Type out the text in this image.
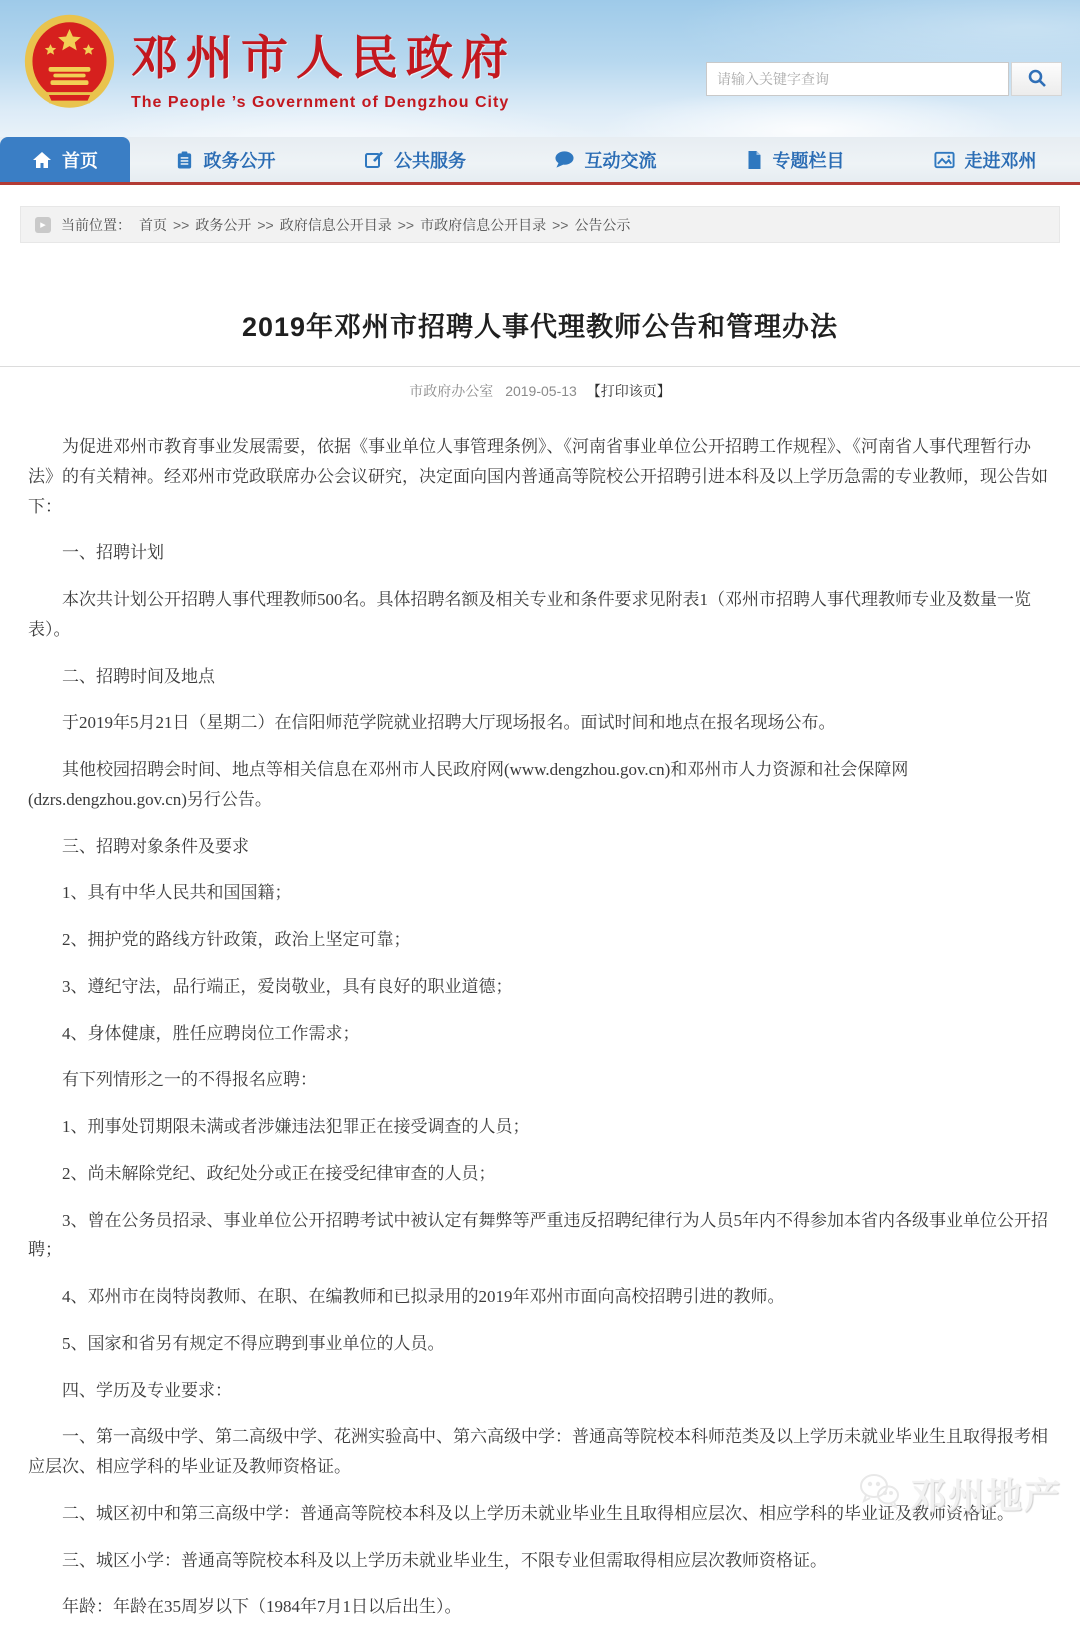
邓州市人民政府
The People ’s Government of Dengzhou City
请输入关键字查询
首页	政务公开	公共服务	互动交流	专题栏目	走进邓州
▸	当前位置： 首页 >> 政务公开 >> 政府信息公开目录 >> 市政府信息公开目录 >> 公告公示
2019年邓州市招聘人事代理教师公告和管理办法
市政府办公室 2019-05-13 【打印该页】

为促进邓州市教育事业发展需要，依据《事业单位人事管理条例》、《河南省事业单位公开招聘工作规程》、《河南省人事代理暂行办法》的有关精神。经邓州市党政联席办公会议研究，决定面向国内普通高等院校公开招聘引进本科及以上学历急需的专业教师，现公告如下：

一、招聘计划

本次共计划公开招聘人事代理教师500名。具体招聘名额及相关专业和条件要求见附表1（邓州市招聘人事代理教师专业及数量一览表）。

二、招聘时间及地点

于2019年5月21日（星期二）在信阳师范学院就业招聘大厅现场报名。面试时间和地点在报名现场公布。

其他校园招聘会时间、地点等相关信息在邓州市人民政府网(www.dengzhou.gov.cn)和邓州市人力资源和社会保障网(dzrs.dengzhou.gov.cn)另行公告。

三、招聘对象条件及要求

1、具有中华人民共和国国籍；

2、拥护党的路线方针政策，政治上坚定可靠；

3、遵纪守法，品行端正，爱岗敬业，具有良好的职业道德；

4、身体健康，胜任应聘岗位工作需求；

有下列情形之一的不得报名应聘：

1、刑事处罚期限未满或者涉嫌违法犯罪正在接受调查的人员；

2、尚未解除党纪、政纪处分或正在接受纪律审查的人员；

3、曾在公务员招录、事业单位公开招聘考试中被认定有舞弊等严重违反招聘纪律行为人员5年内不得参加本省内各级事业单位公开招聘；

4、邓州市在岗特岗教师、在职、在编教师和已拟录用的2019年邓州市面向高校招聘引进的教师。

5、国家和省另有规定不得应聘到事业单位的人员。

四、学历及专业要求：

一、第一高级中学、第二高级中学、花洲实验高中、第六高级中学：普通高等院校本科师范类及以上学历未就业毕业生且取得报考相应层次、相应学科的毕业证及教师资格证。

二、城区初中和第三高级中学：普通高等院校本科及以上学历未就业毕业生且取得相应层次、相应学科的毕业证及教师资格证。

三、城区小学：普通高等院校本科及以上学历未就业毕业生，不限专业但需取得相应层次教师资格证。

年龄：年龄在35周岁以下（1984年7月1日以后出生）。

邓州地产
